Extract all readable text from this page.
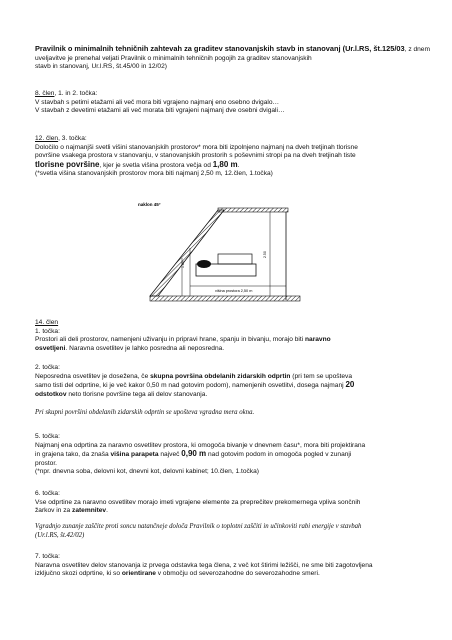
Pravilnik o minimalnih tehničnih zahtevah za graditev stanovanjskih stavb in stanovanj (Ur.l.RS, št.125/03, z dnem uveljavitve je prenehal veljati Pravilnik o minimalnih tehničnih pogojih za graditev stanovanjskih
stavb in stanovanj, Ur.l.RS, št.45/00 in 12/02)
8. člen, 1. in 2. točka:
V stavbah s petimi etažami ali več mora biti vgrajeno najmanj eno osebno dvigalo…
V stavbah z devetimi etažami ali več morata biti vgrajeni najmanj dve osebni dvigali…
12. člen, 3. točka:
Določilo o najmanjši svetli višini stanovanjskih prostorov* mora biti izpolnjeno najmanj na dveh tretjinah tlorisne
površine vsakega prostora v stanovanju, v stanovanjskih prostorih s poševnimi stropi pa na dveh tretjinah tiste
tlorisne površine, kjer je svetla višina prostora večja od 1,80 m.
(*svetla višina stanovanjskih prostorov mora biti najmanj 2,50 m, 12.člen, 1.točka)
naklon 45°
1.80
2.50
višina prostora 2,50 m
14. člen
1. točka:
Prostori ali deli prostorov, namenjeni uživanju in pripravi hrane, spanju in bivanju, morajo biti naravno
osvetljeni. Naravna osvetlitev je lahko posredna ali neposredna.
2. točka:
Neposredna osvetlitev je dosežena, če skupna površina obdelanih zidarskih odprtin (pri tem se upošteva
samo tisti del odprtine, ki je več kakor 0,50 m nad gotovim podom), namenjenih osvetlitvi, dosega najmanj 20
odstotkov neto tlorisne površine tega ali delov stanovanja.
Pri skupni površini obdelanih zidarskih odprtin se upošteva vgradna mera okna.
5. točka:
Najmanj ena odprtina za naravno osvetlitev prostora, ki omogoča bivanje v dnevnem času*, mora biti projektirana
in grajena tako, da znaša višina parapeta največ 0,90 m nad gotovim podom in omogoča pogled v zunanji
prostor.
(*npr. dnevna soba, delovni kot, dnevni kot, delovni kabinet; 10.člen, 1.točka)
6. točka:
Vse odprtine za naravno osvetlitev morajo imeti vgrajene elemente za preprečitev prekomernega vpliva sončnih
žarkov in za zatemnitev.
Vgradnjo zunanje zaščite proti soncu natančneje določa Pravilnik o toplotni zaščiti in učinkoviti rabi energije v stavbah
(Ur.l.RS, št.42/02)
7. točka:
Naravna osvetlitev delov stanovanja iz prvega odstavka tega člena, z več kot štirimi ležišči, ne sme biti zagotovljena
izključno skozi odprtine, ki so orientirane v območju od severozahodne do severozahodne smeri.
